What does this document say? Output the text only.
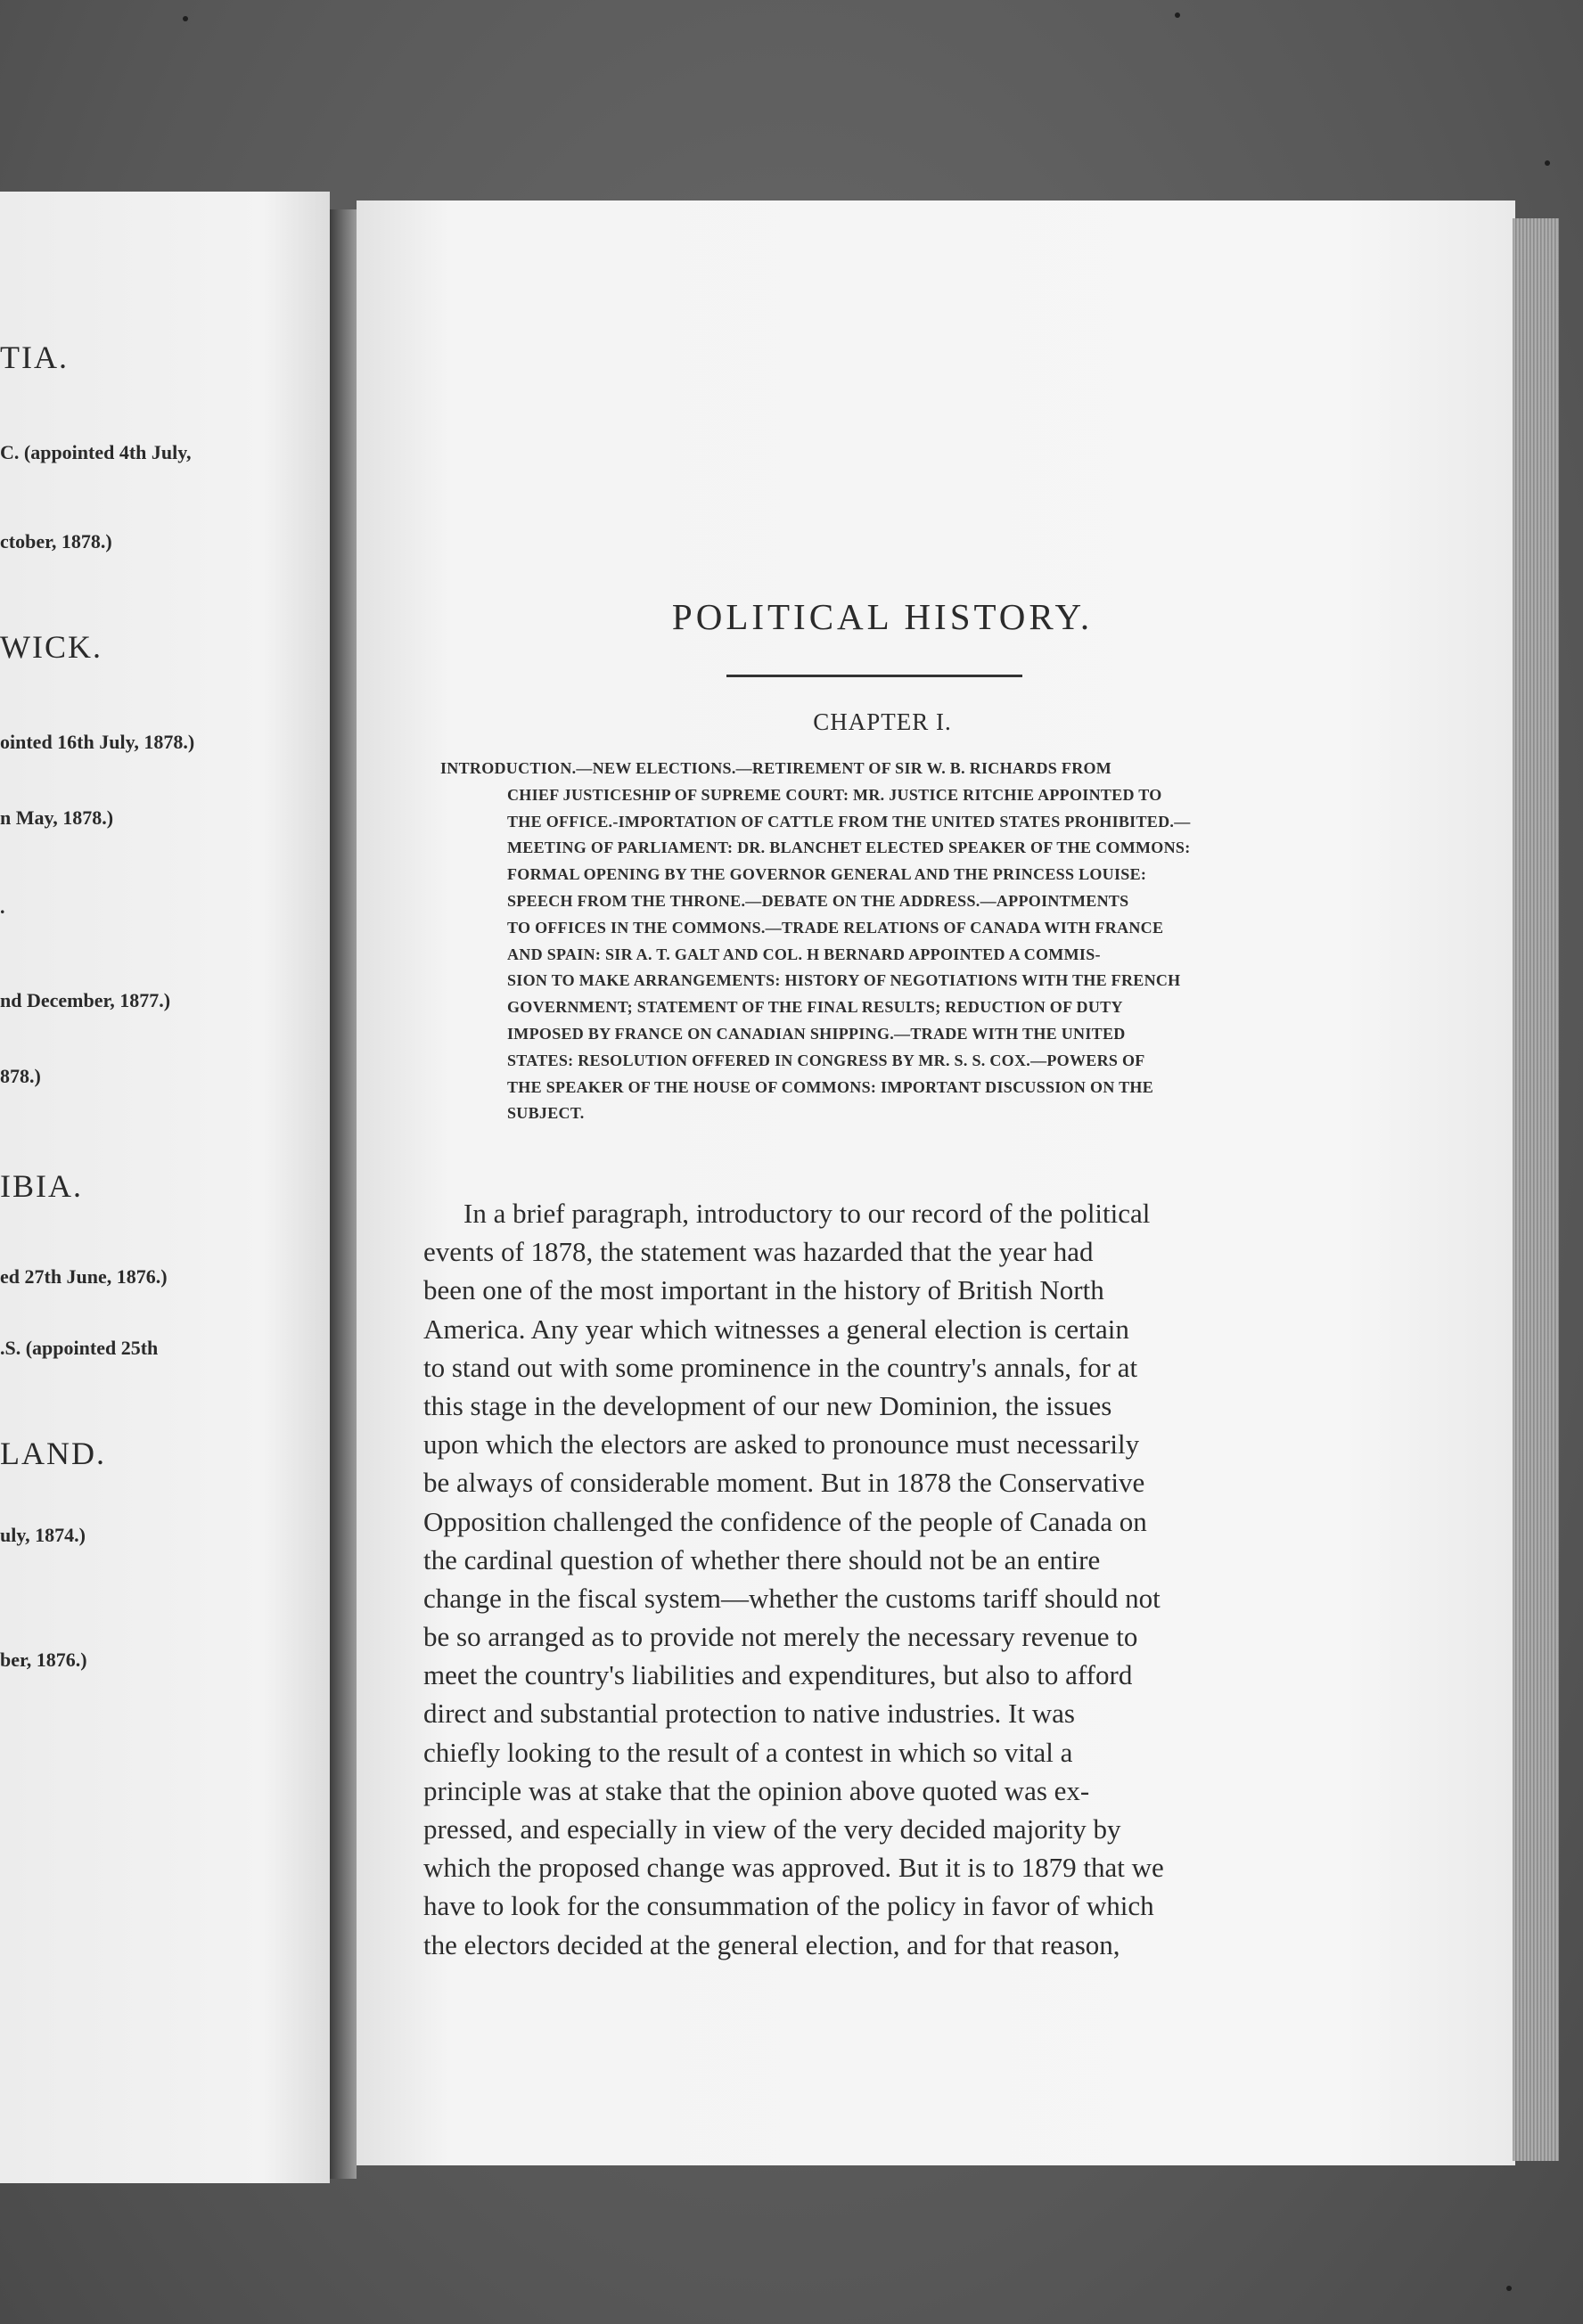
TIA.
C. (appointed 4th July,
ctober, 1878.)
WICK.
ointed 16th July, 1878.)
n May, 1878.)
.
nd December, 1877.)
878.)
IBIA.
ed 27th June, 1876.)
.S. (appointed 25th
LAND.
uly, 1874.)
ber, 1876.)
POLITICAL HISTORY.
CHAPTER I.
INTRODUCTION.—NEW ELECTIONS.—RETIREMENT OF SIR W. B. RICHARDS FROM
CHIEF JUSTICESHIP OF SUPREME COURT: MR. JUSTICE RITCHIE APPOINTED TO
THE OFFICE.-IMPORTATION OF CATTLE FROM THE UNITED STATES PROHIBITED.—
MEETING OF PARLIAMENT: DR. BLANCHET ELECTED SPEAKER OF THE COMMONS:
FORMAL OPENING BY THE GOVERNOR GENERAL AND THE PRINCESS LOUISE:
SPEECH FROM THE THRONE.—DEBATE ON THE ADDRESS.—APPOINTMENTS
TO OFFICES IN THE COMMONS.—TRADE RELATIONS OF CANADA WITH FRANCE
AND SPAIN: SIR A. T. GALT AND COL. H BERNARD APPOINTED A COMMIS-
SION TO MAKE ARRANGEMENTS: HISTORY OF NEGOTIATIONS WITH THE FRENCH
GOVERNMENT; STATEMENT OF THE FINAL RESULTS; REDUCTION OF DUTY
IMPOSED BY FRANCE ON CANADIAN SHIPPING.—TRADE WITH THE UNITED
STATES: RESOLUTION OFFERED IN CONGRESS BY MR. S. S. COX.—POWERS OF
THE SPEAKER OF THE HOUSE OF COMMONS: IMPORTANT DISCUSSION ON THE
SUBJECT.
In a brief paragraph, introductory to our record of the political
events of 1878, the statement was hazarded that the year had
been one of the most important in the history of British North
America. Any year which witnesses a general election is certain
to stand out with some prominence in the country's annals, for at
this stage in the development of our new Dominion, the issues
upon which the electors are asked to pronounce must necessarily
be always of considerable moment. But in 1878 the Conservative
Opposition challenged the confidence of the people of Canada on
the cardinal question of whether there should not be an entire
change in the fiscal system—whether the customs tariff should not
be so arranged as to provide not merely the necessary revenue to
meet the country's liabilities and expenditures, but also to afford
direct and substantial protection to native industries. It was
chiefly looking to the result of a contest in which so vital a
principle was at stake that the opinion above quoted was ex-
pressed, and especially in view of the very decided majority by
which the proposed change was approved. But it is to 1879 that we
have to look for the consummation of the policy in favor of which
the electors decided at the general election, and for that reason,
